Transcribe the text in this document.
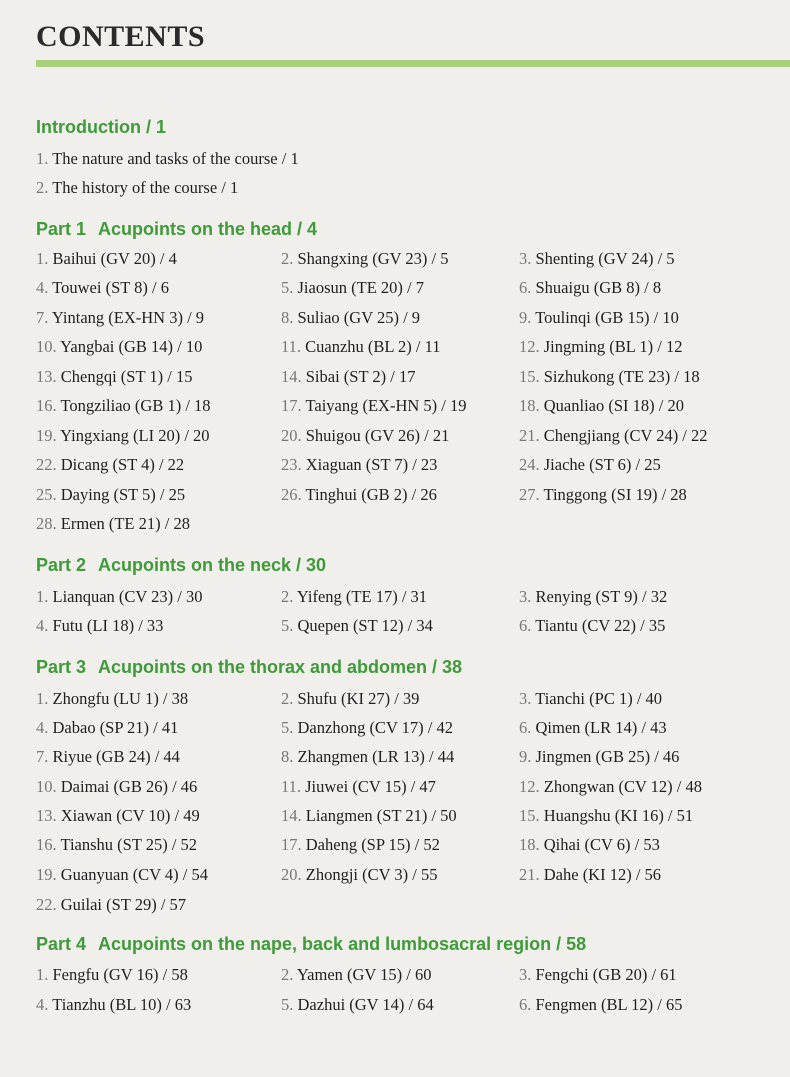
CONTENTS
Introduction / 1
1. The nature and tasks of the course / 1
2. The history of the course / 1
Part 1 Acupoints on the head / 4
1. Baihui (GV 20) / 4	2. Shangxing (GV 23) / 5	3. Shenting (GV 24) / 5
4. Touwei (ST 8) / 6	5. Jiaosun (TE 20) / 7	6. Shuaigu (GB 8) / 8
7. Yintang (EX-HN 3) / 9	8. Suliao (GV 25) / 9	9. Toulinqi (GB 15) / 10
10. Yangbai (GB 14) / 10	11. Cuanzhu (BL 2) / 11	12. Jingming (BL 1) / 12
13. Chengqi (ST 1) / 15	14. Sibai (ST 2) / 17	15. Sizhukong (TE 23) / 18
16. Tongziliao (GB 1) / 18	17. Taiyang (EX-HN 5) / 19	18. Quanliao (SI 18) / 20
19. Yingxiang (LI 20) / 20	20. Shuigou (GV 26) / 21	21. Chengjiang (CV 24) / 22
22. Dicang (ST 4) / 22	23. Xiaguan (ST 7) / 23	24. Jiache (ST 6) / 25
25. Daying (ST 5) / 25	26. Tinghui (GB 2) / 26	27. Tinggong (SI 19) / 28
28. Ermen (TE 21) / 28
Part 2 Acupoints on the neck / 30
1. Lianquan (CV 23) / 30	2. Yifeng (TE 17) / 31	3. Renying (ST 9) / 32
4. Futu (LI 18) / 33	5. Quepen (ST 12) / 34	6. Tiantu (CV 22) / 35
Part 3 Acupoints on the thorax and abdomen / 38
1. Zhongfu (LU 1) / 38	2. Shufu (KI 27) / 39	3. Tianchi (PC 1) / 40
4. Dabao (SP 21) / 41	5. Danzhong (CV 17) / 42	6. Qimen (LR 14) / 43
7. Riyue (GB 24) / 44	8. Zhangmen (LR 13) / 44	9. Jingmen (GB 25) / 46
10. Daimai (GB 26) / 46	11. Jiuwei (CV 15) / 47	12. Zhongwan (CV 12) / 48
13. Xiawan (CV 10) / 49	14. Liangmen (ST 21) / 50	15. Huangshu (KI 16) / 51
16. Tianshu (ST 25) / 52	17. Daheng (SP 15) / 52	18. Qihai (CV 6) / 53
19. Guanyuan (CV 4) / 54	20. Zhongji (CV 3) / 55	21. Dahe (KI 12) / 56
22. Guilai (ST 29) / 57
Part 4 Acupoints on the nape, back and lumbosacral region / 58
1. Fengfu (GV 16) / 58	2. Yamen (GV 15) / 60	3. Fengchi (GB 20) / 61
4. Tianzhu (BL 10) / 63	5. Dazhui (GV 14) / 64	6. Fengmen (BL 12) / 65
